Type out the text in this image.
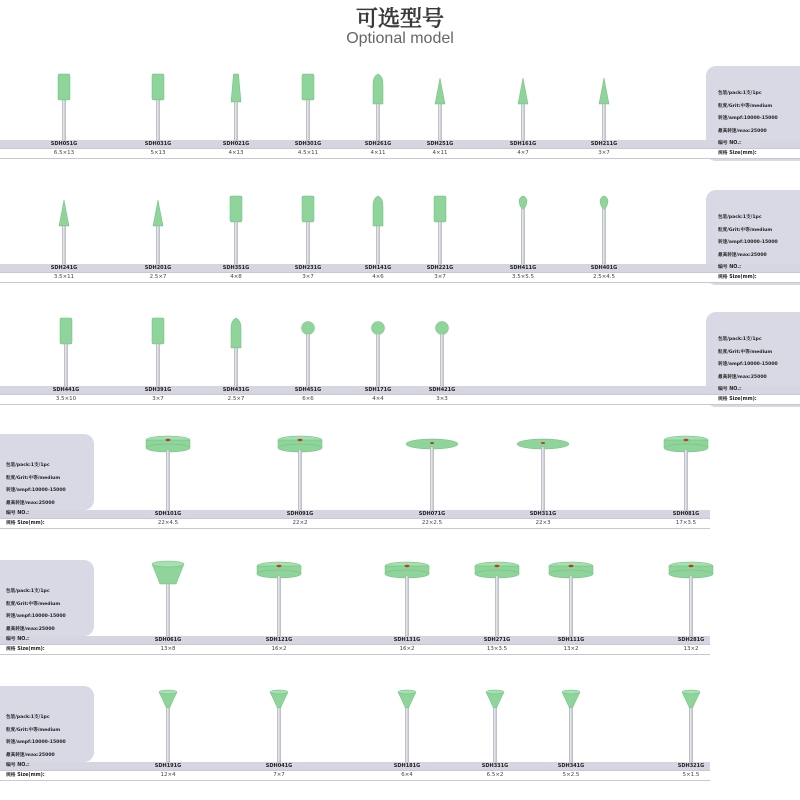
可选型号
Optional model
包装/pack:1支/1pc
粒度/Grit:中等/medium
转速/ampf:10000-15000
最高转速/max:25000
编号 NO.:
规格 Size(mm):
SDH051G
6.5×13
SDH031G
5×13
SDH021G
4×13
SDH301G
4.5×11
SDH261G
4×11
SDH251G
4×11
SDH161G
4×7
SDH211G
3×7
包装/pack:1支/1pc
粒度/Grit:中等/medium
转速/ampf:10000-15000
最高转速/max:25000
编号 NO.:
规格 Size(mm):
SDH241G
3.5×11
SDH201G
2.5×7
SDH351G
4×8
SDH231G
3×7
SDH141G
4×6
SDH221G
3×7
SDH411G
3.5×5.5
SDH401G
2.5×4.5
包装/pack:1支/1pc
粒度/Grit:中等/medium
转速/ampf:10000-15000
最高转速/max:25000
编号 NO.:
规格 Size(mm):
SDH441G
3.5×10
SDH391G
3×7
SDH431G
2.5×7
SDH451G
6×6
SDH171G
4×4
SDH421G
3×3
包装/pack:1支/1pc
粒度/Grit:中等/medium
转速/ampf:10000-15000
最高转速/max:25000
编号 NO.:
规格 Size(mm):
SDH101G
22×4.5
SDH091G
22×2
SDH071G
22×2.5
SDH311G
22×3
SDH081G
17×3.5
包装/pack:1支/1pc
粒度/Grit:中等/medium
转速/ampf:10000-15000
最高转速/max:25000
编号 NO.:
规格 Size(mm):
SDH061G
13×8
SDH121G
16×2
SDH131G
16×2
SDH271G
13×3.5
SDH111G
13×2
SDH281G
13×2
包装/pack:1支/1pc
粒度/Grit:中等/medium
转速/ampf:10000-15000
最高转速/max:25000
编号 NO.:
规格 Size(mm):
SDH191G
12×4
SDH041G
7×7
SDH181G
6×4
SDH331G
6.5×2
SDH341G
5×2.5
SDH321G
5×1.5
